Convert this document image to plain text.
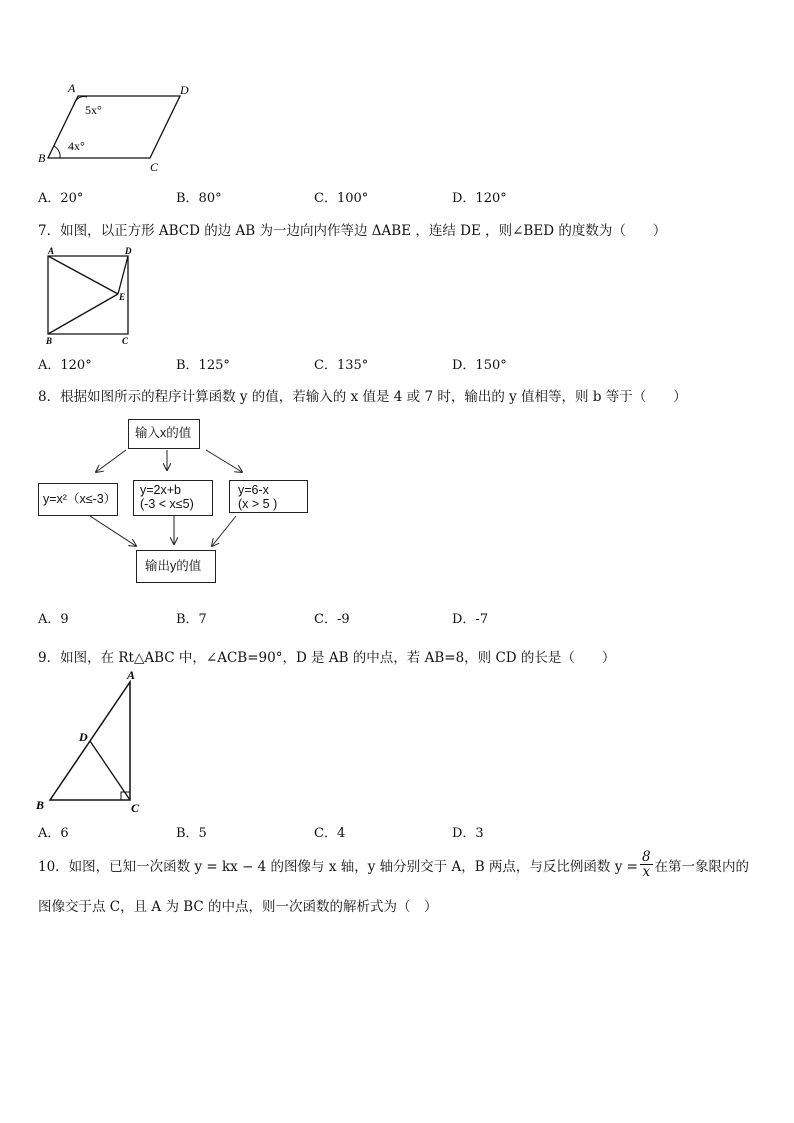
A	D
B
C
5x°
4x°
A．20°	B．80°	C．100°	D．120°
7．如图，以正方形 ABCD 的边 AB 为一边向内作等边 ΔABE ，连结 DE ，则∠BED 的度数为（　　）
A	D
E
B	C
A．120°	B．125°	C．135°	D．150°
8．根据如图所示的程序计算函数 y 的值，若输入的 x 值是 4 或 7 时，输出的 y 值相等，则 b 等于（　　）
输入x的值
y=x²（x≤-3）
y=2x+b
(-3 < x≤5)
y=6-x
(x > 5 )
输出y的值
A．9	B．7	C．-9	D．-7
9．如图，在 Rt△ABC 中，∠ACB=90°，D 是 AB 的中点，若 AB=8，则 CD 的长是（　　）
A
D
B	C
A．6	B．5	C．4	D．3
10．如图，已知一次函数 y = kx − 4 的图像与 x 轴，y 轴分别交于 A，B 两点，与反比例函数 $y = \frac{8}{x}$ 在第一象限内的
图像交于点 C，且 A 为 BC 的中点，则一次函数的解析式为（　）
